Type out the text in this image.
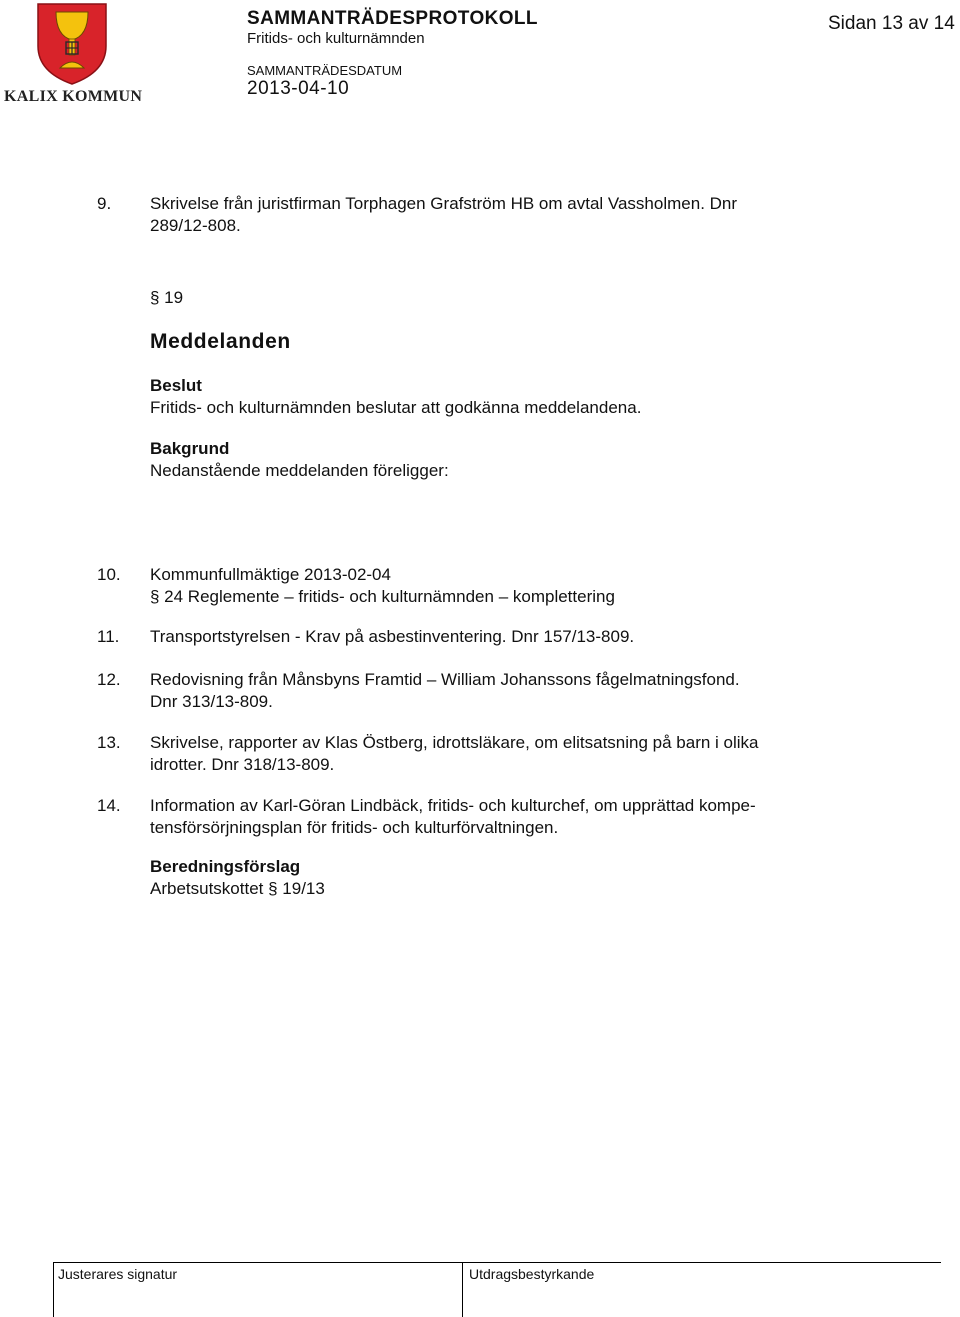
KALIX KOMMUN
SAMMANTRÄDESPROTOKOLL
Fritids- och kulturnämnden
SAMMANTRÄDESDATUM
2013-04-10
Sidan 13 av 14
§ 19
Meddelanden
Beslut
Fritids- och kulturnämnden beslutar att godkänna meddelandena.
Bakgrund
Nedanstående meddelanden föreligger:
9.	Skrivelse från juristfirman Torphagen Grafström HB om avtal Vassholmen. Dnr
289/12-808.
10.	Kommunfullmäktige 2013-02-04
§ 24 Reglemente – fritids- och kulturnämnden – komplettering
11.	Transportstyrelsen - Krav på asbestinventering. Dnr 157/13-809.
12.	Redovisning från Månsbyns Framtid – William Johanssons fågelmatningsfond.
Dnr 313/13-809.
13.	Skrivelse, rapporter av Klas Östberg, idrottsläkare, om elitsatsning på barn i olika
idrotter. Dnr 318/13-809.
14.	Information av Karl-Göran Lindbäck, fritids- och kulturchef, om upprättad kompe-
tensförsörjningsplan för fritids- och kulturförvaltningen.
Beredningsförslag
Arbetsutskottet § 19/13
Justerares signatur	Utdragsbestyrkande
